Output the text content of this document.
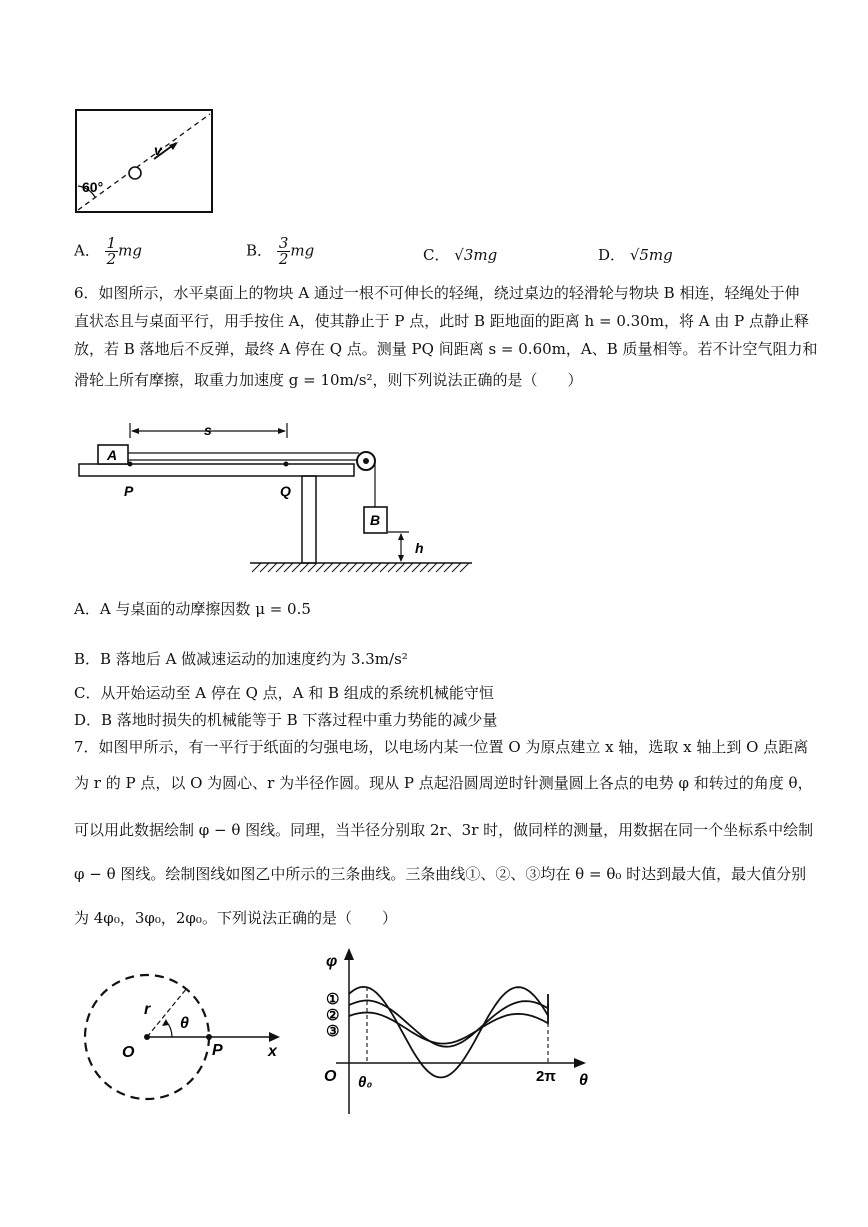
v
60°
A． $\frac{1}{2}$ mg	B． $\frac{3}{2}$ mg	C． √3mg	D． √5mg
6．如图所示，水平桌面上的物块 A 通过一根不可伸长的轻绳，绕过桌边的轻滑轮与物块 B 相连，轻绳处于伸
直状态且与桌面平行，用手按住 A，使其静止于 P 点，此时 B 距地面的距离 h = 0.30m，将 A 由 P 点静止释
放，若 B 落地后不反弹，最终 A 停在 Q 点。测量 PQ 间距离 s = 0.60m，A、B 质量相等。若不计空气阻力和
滑轮上所有摩擦，取重力加速度 g = 10m/s²，则下列说法正确的是（　　）
A
B
P	Q
s
h
A．A 与桌面的动摩擦因数 μ = 0.5
B．B 落地后 A 做减速运动的加速度约为 3.3m/s²
C．从开始运动至 A 停在 Q 点，A 和 B 组成的系统机械能守恒
D．B 落地时损失的机械能等于 B 下落过程中重力势能的减少量
7．如图甲所示，有一平行于纸面的匀强电场，以电场内某一位置 O 为原点建立 x 轴，选取 x 轴上到 O 点距离
为 r 的 P 点，以 O 为圆心、r 为半径作圆。现从 P 点起沿圆周逆时针测量圆上各点的电势 φ 和转过的角度 θ，
可以用此数据绘制 φ − θ 图线。同理，当半径分别取 2r、3r 时，做同样的测量，用数据在同一个坐标系中绘制
φ − θ 图线。绘制图线如图乙中所示的三条曲线。三条曲线①、②、③均在 θ = θ₀ 时达到最大值，最大值分别
为 4φ₀，3φ₀，2φ₀。下列说法正确的是（　　）
O	P	x
r
θ
φ
O
①
②
③
θ₀	2π θ
